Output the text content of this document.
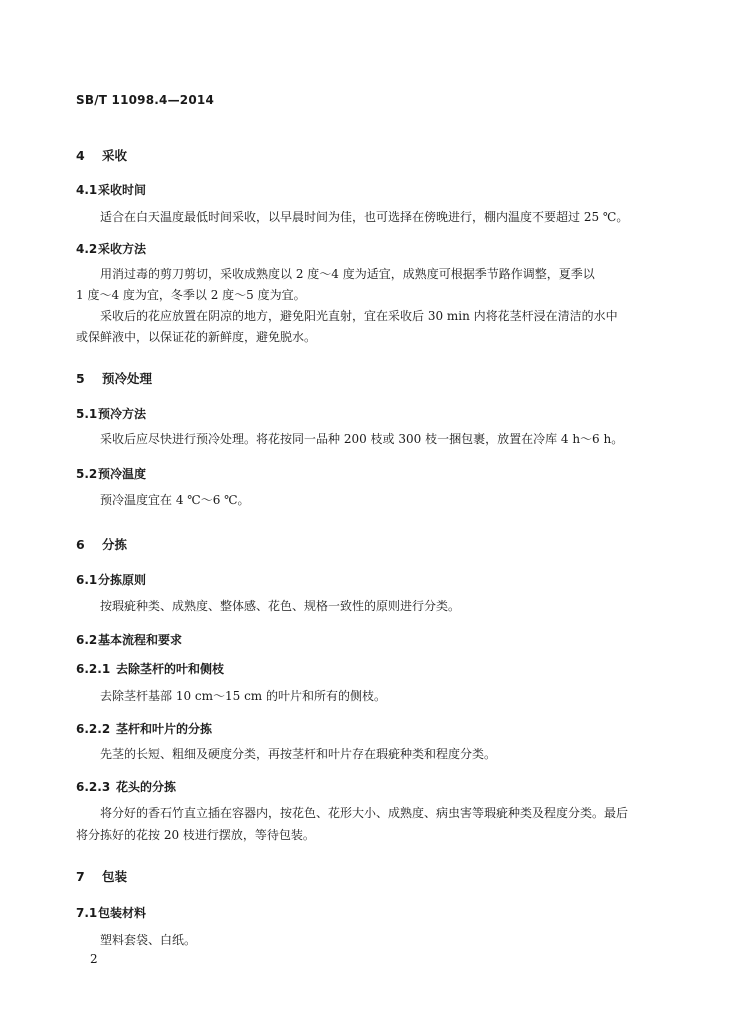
SB/T 11098.4—2014
4 采收
4.1采收时间
适合在白天温度最低时间采收，以早晨时间为佳，也可选择在傍晚进行，棚内温度不要超过 25 ℃。
4.2采收方法
用消过毒的剪刀剪切，采收成熟度以 2 度～4 度为适宜，成熟度可根据季节路作调整，夏季以
1 度～4 度为宜，冬季以 2 度～5 度为宜。
采收后的花应放置在阴凉的地方，避免阳光直射，宜在采收后 30 min 内将花茎杆浸在清洁的水中
或保鲜液中，以保证花的新鲜度，避免脱水。
5 预冷处理
5.1预冷方法
采收后应尽快进行预冷处理。将花按同一品种 200 枝或 300 枝一捆包裹，放置在冷库 4 h～6 h。
5.2预冷温度
预冷温度宜在 4 ℃～6 ℃。
6 分拣
6.1分拣原则
按瑕疵种类、成熟度、整体感、花色、规格一致性的原则进行分类。
6.2基本流程和要求
6.2.1 去除茎杆的叶和侧枝
去除茎杆基部 10 cm～15 cm 的叶片和所有的侧枝。
6.2.2 茎杆和叶片的分拣
先茎的长短、粗细及硬度分类，再按茎杆和叶片存在瑕疵种类和程度分类。
6.2.3 花头的分拣
将分好的香石竹直立插在容器内，按花色、花形大小、成熟度、病虫害等瑕疵种类及程度分类。最后
将分拣好的花按 20 枝进行摆放，等待包装。
7 包装
7.1包装材料
塑料套袋、白纸。
2
